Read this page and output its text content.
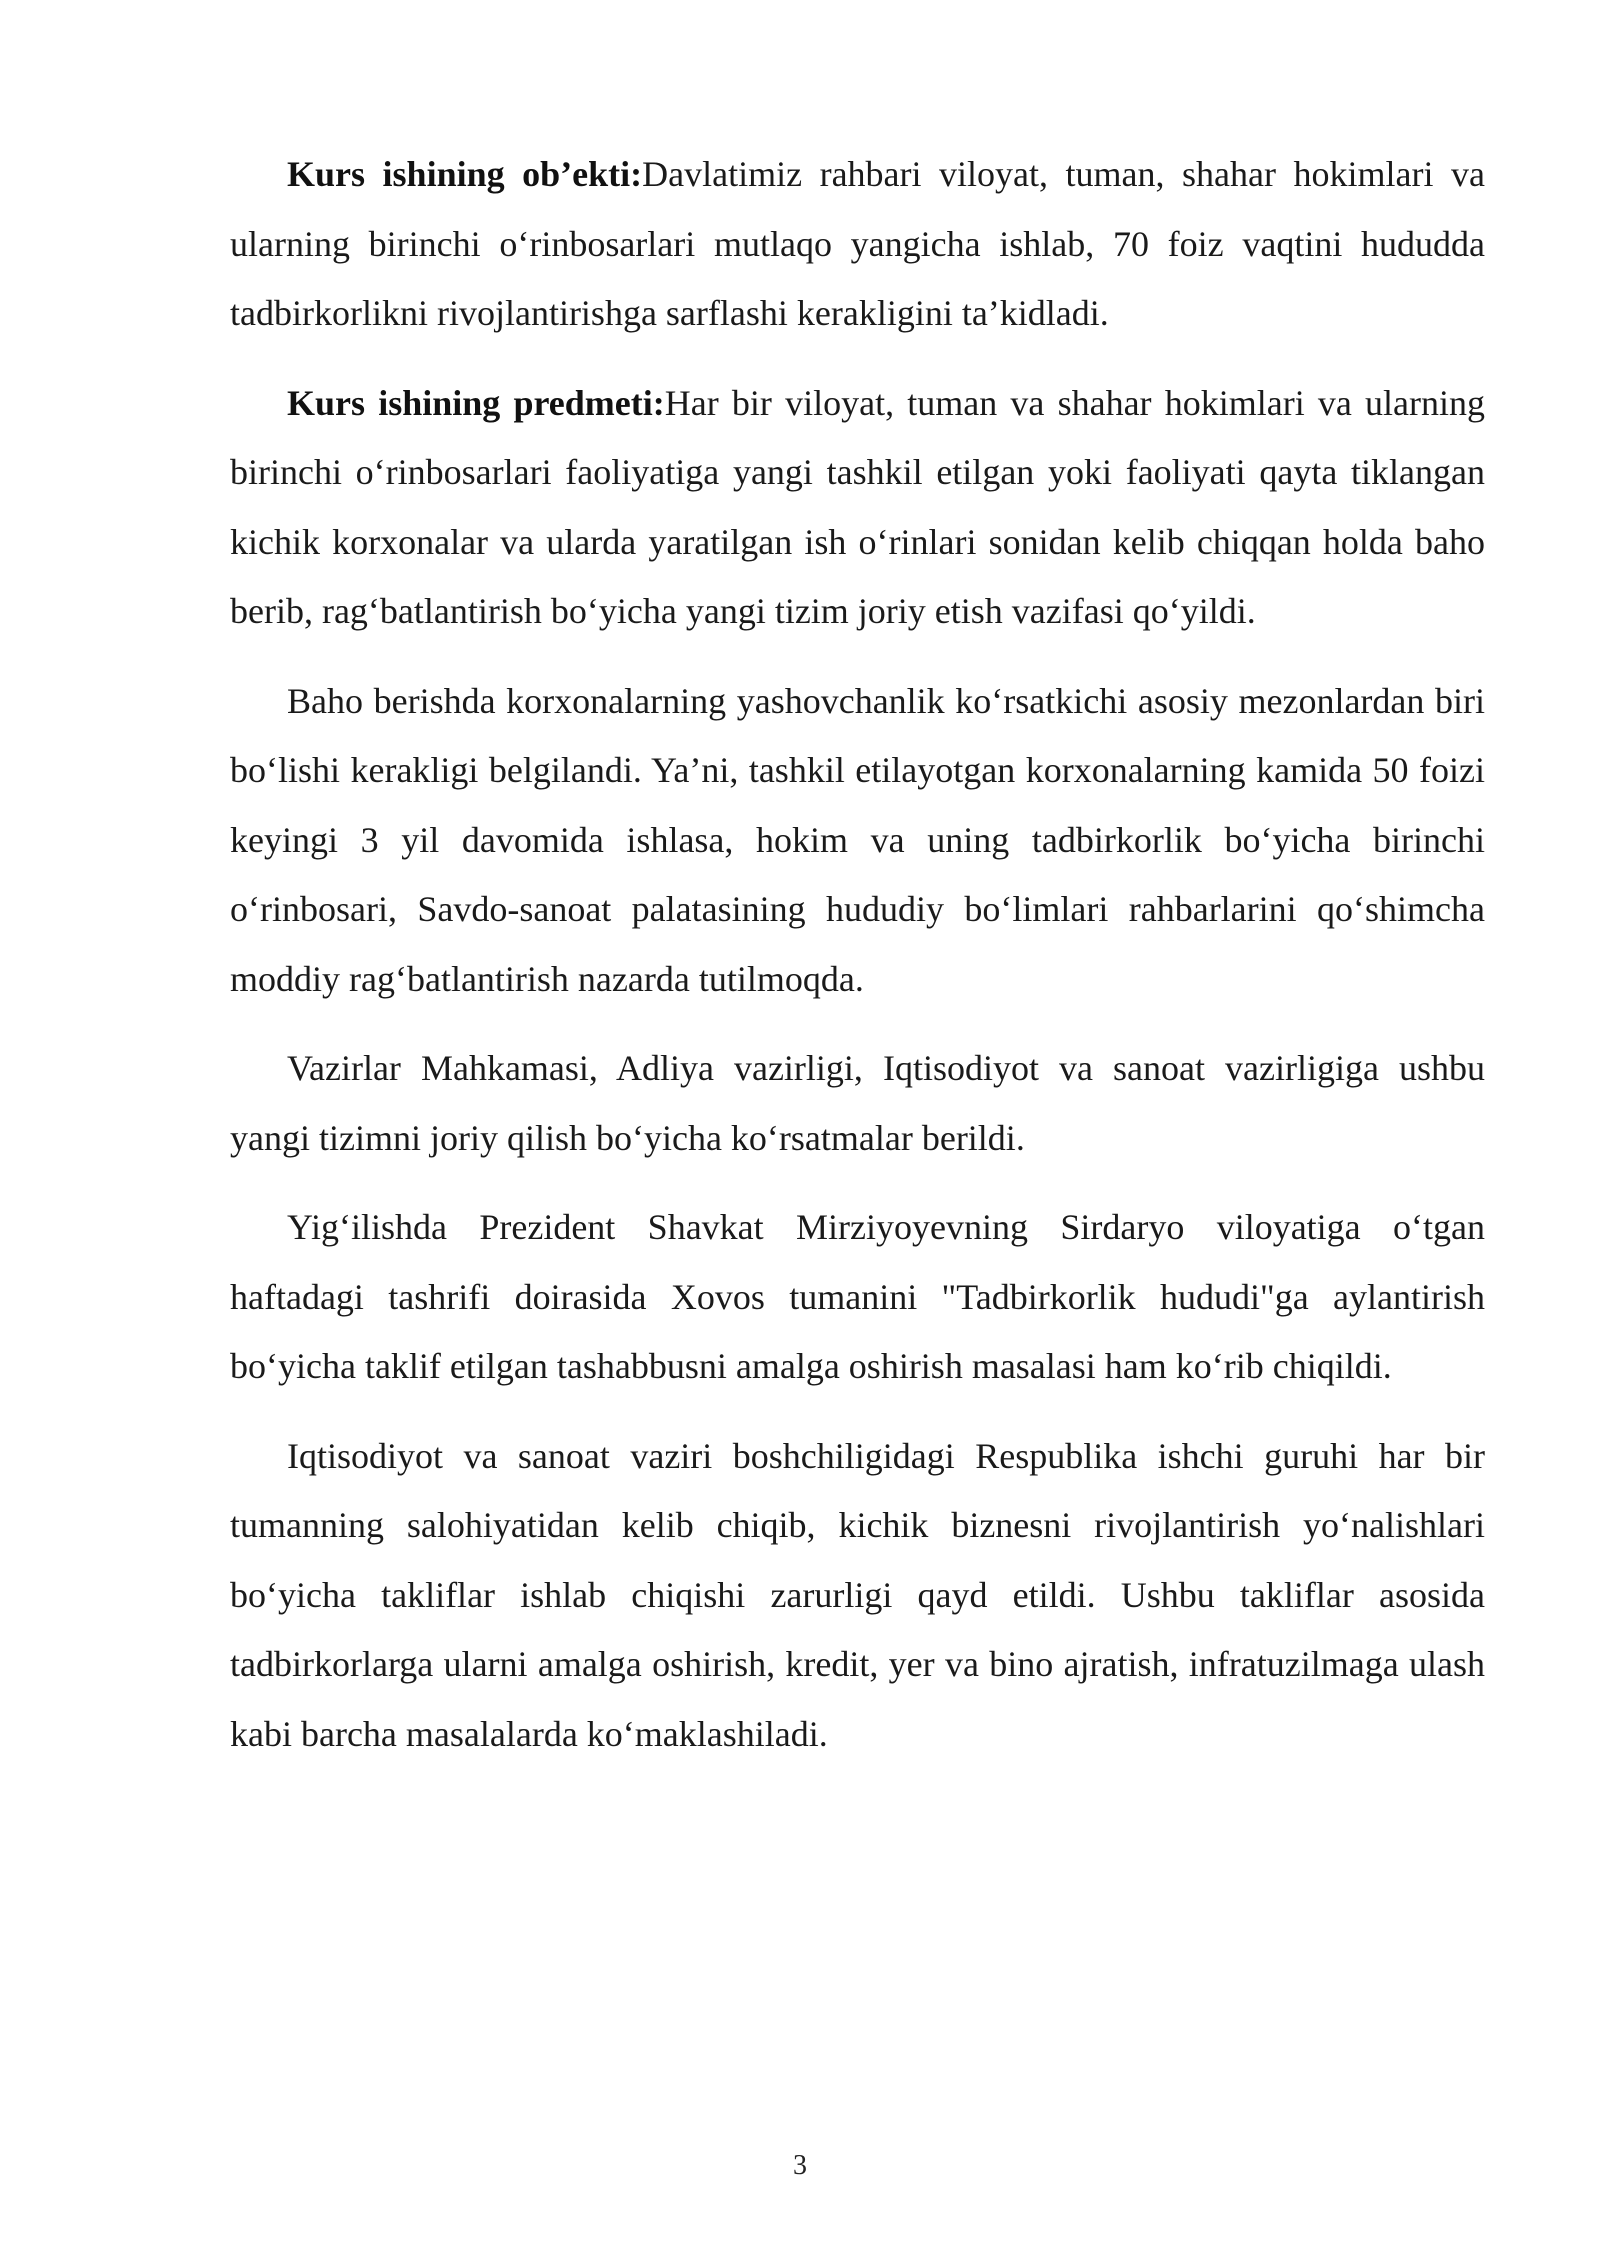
Kurs ishining ob’ekti:Davlatimiz rahbari viloyat, tuman, shahar hokimlari va ularning birinchi o‘rinbosarlari mutlaqo yangicha ishlab, 70 foiz vaqtini hududda tadbirkorlikni rivojlantirishga sarflashi kerakligini ta’kidladi.

Kurs ishining predmeti:Har bir viloyat, tuman va shahar hokimlari va ularning birinchi o‘rinbosarlari faoliyatiga yangi tashkil etilgan yoki faoliyati qayta tiklangan kichik korxonalar va ularda yaratilgan ish o‘rinlari sonidan kelib chiqqan holda baho berib, rag‘batlantirish bo‘yicha yangi tizim joriy etish vazifasi qo‘yildi.

Baho berishda korxonalarning yashovchanlik ko‘rsatkichi asosiy mezonlardan biri bo‘lishi kerakligi belgilandi. Ya’ni, tashkil etilayotgan korxonalarning kamida 50 foizi keyingi 3 yil davomida ishlasa, hokim va uning tadbirkorlik bo‘yicha birinchi o‘rinbosari, Savdo-sanoat palatasining hududiy bo‘limlari rahbarlarini qo‘shimcha moddiy rag‘batlantirish nazarda tutilmoqda.

Vazirlar Mahkamasi, Adliya vazirligi, Iqtisodiyot va sanoat vazirligiga ushbu yangi tizimni joriy qilish bo‘yicha ko‘rsatmalar berildi.

Yig‘ilishda Prezident Shavkat Mirziyoyevning Sirdaryo viloyatiga o‘tgan haftadagi tashrifi doirasida Xovos tumanini "Tadbirkorlik hududi"ga aylantirish bo‘yicha taklif etilgan tashabbusni amalga oshirish masalasi ham ko‘rib chiqildi.

Iqtisodiyot va sanoat vaziri boshchiligidagi Respublika ishchi guruhi har bir tumanning salohiyatidan kelib chiqib, kichik biznesni rivojlantirish yo‘nalishlari bo‘yicha takliflar ishlab chiqishi zarurligi qayd etildi. Ushbu takliflar asosida tadbirkorlarga ularni amalga oshirish, kredit, yer va bino ajratish, infratuzilmaga ulash kabi barcha masalalarda ko‘maklashiladi.

3
